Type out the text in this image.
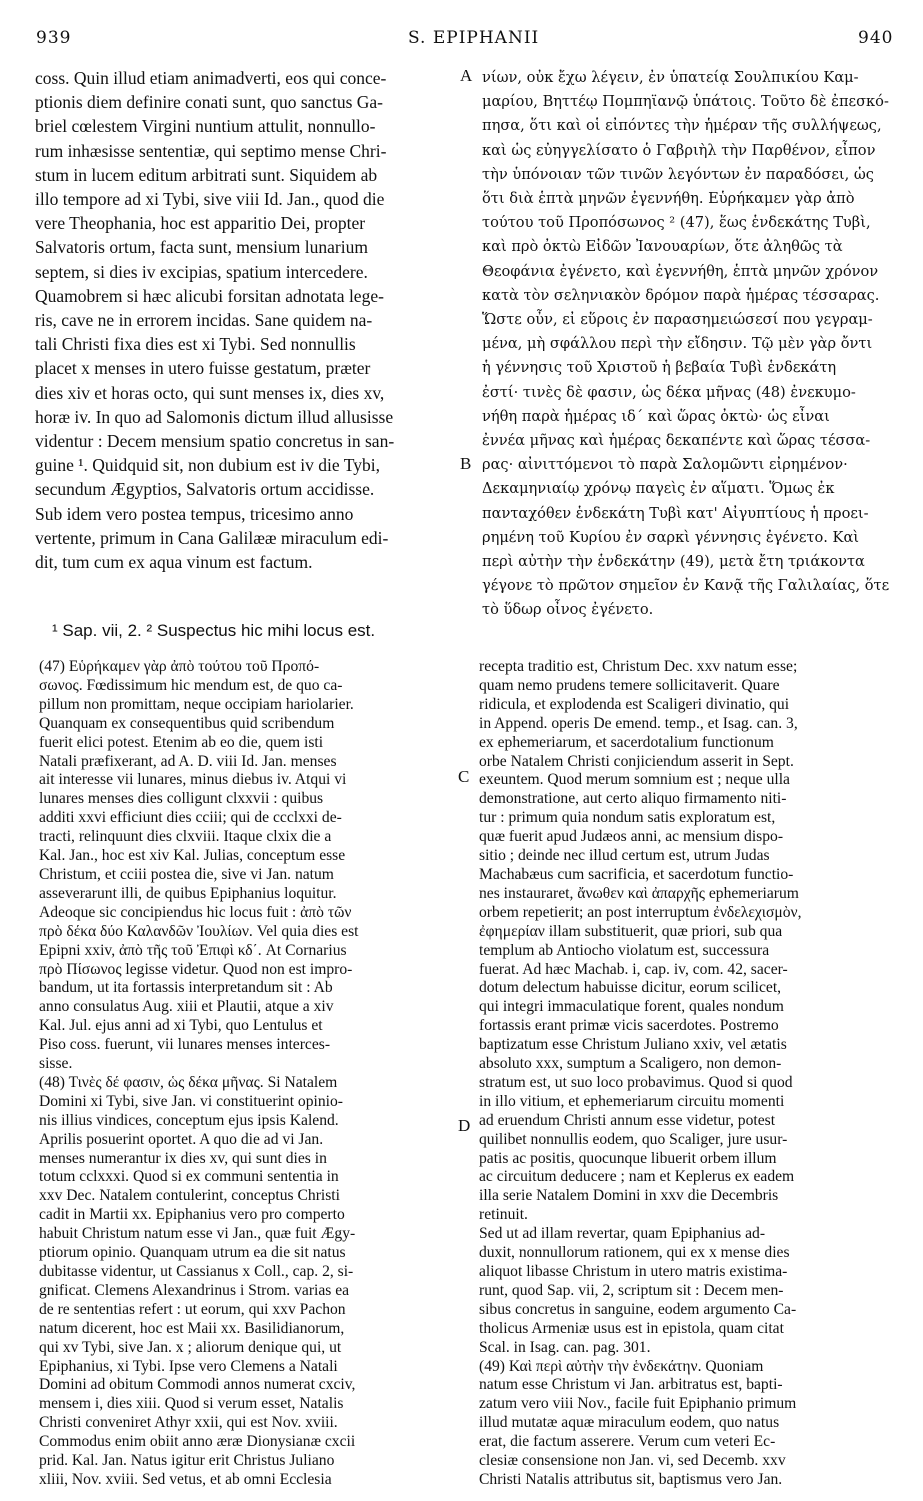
939	S. EPIPHANII	940
coss. Quin illud etiam animadverti, eos qui conce-
ptionis diem definire conati sunt, quo sanctus Ga-
briel cœlestem Virgini nuntium attulit, nonnullo-
rum inhæsisse sententiæ, qui septimo mense Chri-
stum in lucem editum arbitrati sunt. Siquidem ab
illo tempore ad xi Tybi, sive viii Id. Jan., quod die
vere Theophania, hoc est apparitio Dei, propter
Salvatoris ortum, facta sunt, mensium lunarium
septem, si dies iv excipias, spatium intercedere.
Quamobrem si hæc alicubi forsitan adnotata lege-
ris, cave ne in errorem incidas. Sane quidem na-
tali Christi fixa dies est xi Tybi. Sed nonnullis
placet x menses in utero fuisse gestatum, præter
dies xiv et horas octo, qui sunt menses ix, dies xv,
horæ iv. In quo ad Salomonis dictum illud allusisse
videntur : Decem mensium spatio concretus in san-
guine ¹. Quidquid sit, non dubium est iv die Tybi,
secundum Ægyptios, Salvatoris ortum accidisse.
Sub idem vero postea tempus, tricesimo anno
vertente, primum in Cana Galilææ miraculum edi-
dit, tum cum ex aqua vinum est factum.
νίων, οὐκ ἔχω λέγειν, ἐν ὑπατείᾳ Σουλπικίου Καμ-
μαρίου, Βηττέῳ Πομπηϊανῷ ὑπάτοις. Τοῦτο δὲ ἐπεσκό-
πησα, ὅτι καὶ οἱ εἰπόντες τὴν ἡμέραν τῆς συλλήψεως,
καὶ ὡς εὐηγγελίσατο ὁ Γαβριὴλ τὴν Παρθένον, εἶπον
τὴν ὑπόνοιαν τῶν τινῶν λεγόντων ἐν παραδόσει, ὡς
ὅτι διὰ ἑπτὰ μηνῶν ἐγεννήθη. Εὑρήκαμεν γὰρ ἀπὸ
τούτου τοῦ Προπόσωνος ² (47), ἕως ἑνδεκάτης Τυβὶ,
καὶ πρὸ ὀκτὼ Εἰδῶν Ἰανουαρίων, ὅτε ἀληθῶς τὰ
Θεοφάνια ἐγένετο, καὶ ἐγεννήθη, ἑπτὰ μηνῶν χρόνον
κατὰ τὸν σεληνιακὸν δρόμον παρὰ ἡμέρας τέσσαρας.
Ὥστε οὖν, εἰ εὕροις ἐν παρασημειώσεσί που γεγραμ-
μένα, μὴ σφάλλου περὶ τὴν εἴδησιν. Τῷ μὲν γὰρ ὄντι
ἡ γέννησις τοῦ Χριστοῦ ἡ βεβαία Τυβὶ ἑνδεκάτη
ἐστί· τινὲς δὲ φασιν, ὡς δέκα μῆνας (48) ἐνεκυμο-
νήθη παρὰ ἡμέρας ιδ΄ καὶ ὥρας ὀκτὼ· ὡς εἶναι
ἐννέα μῆνας καὶ ἡμέρας δεκαπέντε καὶ ὥρας τέσσα-
ρας· αἰνιττόμενοι τὸ παρὰ Σαλομῶντι εἰρημένον·
Δεκαμηνιαίῳ χρόνῳ παγεὶς ἐν αἵματι. Ὅμως ἐκ
πανταχόθεν ἑνδεκάτη Τυβὶ κατ' Αἰγυπτίους ἡ προει-
ρημένη τοῦ Κυρίου ἐν σαρκὶ γέννησις ἐγένετο. Καὶ
περὶ αὐτὴν τὴν ἑνδεκάτην (49), μετὰ ἔτη τριάκοντα
γέγονε τὸ πρῶτον σημεῖον ἐν Κανᾷ τῆς Γαλιλαίας, ὅτε
τὸ ὕδωρ οἶνος ἐγένετο.
A
B
C
D
¹ Sap. vii, 2. ² Suspectus hic mihi locus est.
(47) Εὑρήκαμεν γὰρ ἀπὸ τούτου τοῦ Προπό-
σωνος. Fœdissimum hic mendum est, de quo ca-
pillum non promittam, neque occipiam hariolarier.
Quanquam ex consequentibus quid scribendum
fuerit elici potest. Etenim ab eo die, quem isti
Natali præfixerant, ad A. D. viii Id. Jan. menses
ait interesse vii lunares, minus diebus iv. Atqui vi
lunares menses dies colligunt clxxvii : quibus
additi xxvi efficiunt dies cciii; qui de ccclxxi de-
tracti, relinquunt dies clxviii. Itaque clxix die a
Kal. Jan., hoc est xiv Kal. Julias, conceptum esse
Christum, et cciii postea die, sive vi Jan. natum
asseverarunt illi, de quibus Epiphanius loquitur.
Adeoque sic concipiendus hic locus fuit : ἀπὸ τῶν
πρὸ δέκα δύο Καλανδῶν Ἰουλίων. Vel quia dies est
Epipni xxiv, ἀπὸ τῆς τοῦ Ἐπιφὶ κδ΄. At Cornarius
πρὸ Πίσωνος legisse videtur. Quod non est impro-
bandum, ut ita fortassis interpretandum sit : Ab
anno consulatus Aug. xiii et Plautii, atque a xiv
Kal. Jul. ejus anni ad xi Tybi, quo Lentulus et
Piso coss. fuerunt, vii lunares menses interces-
sisse.
(48) Τινὲς δέ φασιν, ὡς δέκα μῆνας. Si Natalem
Domini xi Tybi, sive Jan. vi constituerint opinio-
nis illius vindices, conceptum ejus ipsis Kalend.
Aprilis posuerint oportet. A quo die ad vi Jan.
menses numerantur ix dies xv, qui sunt dies in
totum cclxxxi. Quod si ex communi sententia in
xxv Dec. Natalem contulerint, conceptus Christi
cadit in Martii xx. Epiphanius vero pro comperto
habuit Christum natum esse vi Jan., quæ fuit Ægy-
ptiorum opinio. Quanquam utrum ea die sit natus
dubitasse videntur, ut Cassianus x Coll., cap. 2, si-
gnificat. Clemens Alexandrinus i Strom. varias ea
de re sententias refert : ut eorum, qui xxv Pachon
natum dicerent, hoc est Maii xx. Basilidianorum,
qui xv Tybi, sive Jan. x ; aliorum denique qui, ut
Epiphanius, xi Tybi. Ipse vero Clemens a Natali
Domini ad obitum Commodi annos numerat cxciv,
mensem i, dies xiii. Quod si verum esset, Natalis
Christi conveniret Athyr xxii, qui est Nov. xviii.
Commodus enim obiit anno æræ Dionysianæ cxcii
prid. Kal. Jan. Natus igitur erit Christus Juliano
xliii, Nov. xviii. Sed vetus, et ab omni Ecclesia
recepta traditio est, Christum Dec. xxv natum esse;
quam nemo prudens temere sollicitaverit. Quare
ridicula, et explodenda est Scaligeri divinatio, qui
in Append. operis De emend. temp., et Isag. can. 3,
ex ephemeriarum, et sacerdotalium functionum
orbe Natalem Christi conjiciendum asserit in Sept.
exeuntem. Quod merum somnium est ; neque ulla
demonstratione, aut certo aliquo firmamento niti-
tur : primum quia nondum satis exploratum est,
quæ fuerit apud Judæos anni, ac mensium dispo-
sitio ; deinde nec illud certum est, utrum Judas
Machabæus cum sacrificia, et sacerdotum functio-
nes instauraret, ἄνωθεν καὶ ἀπαρχῆς ephemeriarum
orbem repetierit; an post interruptum ἐνδελεχισμὸν,
ἐφημερίαν illam substituerit, quæ priori, sub qua
templum ab Antiocho violatum est, successura
fuerat. Ad hæc Machab. i, cap. iv, com. 42, sacer-
dotum delectum habuisse dicitur, eorum scilicet,
qui integri immaculatique forent, quales nondum
fortassis erant primæ vicis sacerdotes. Postremo
baptizatum esse Christum Juliano xxiv, vel ætatis
absoluto xxx, sumptum a Scaligero, non demon-
stratum est, ut suo loco probavimus. Quod si quod
in illo vitium, et ephemeriarum circuitu momenti
ad eruendum Christi annum esse videtur, potest
quilibet nonnullis eodem, quo Scaliger, jure usur-
patis ac positis, quocunque libuerit orbem illum
ac circuitum deducere ; nam et Keplerus ex eadem
illa serie Natalem Domini in xxv die Decembris
retinuit.
Sed ut ad illam revertar, quam Epiphanius ad-
duxit, nonnullorum rationem, qui ex x mense dies
aliquot libasse Christum in utero matris existima-
runt, quod Sap. vii, 2, scriptum sit : Decem men-
sibus concretus in sanguine, eodem argumento Ca-
tholicus Armeniæ usus est in epistola, quam citat
Scal. in Isag. can. pag. 301.
(49) Καὶ περὶ αὐτὴν τὴν ἑνδεκάτην. Quoniam
natum esse Christum vi Jan. arbitratus est, bapti-
zatum vero viii Nov., facile fuit Epiphanio primum
illud mutatæ aquæ miraculum eodem, quo natus
erat, die factum asserere. Verum cum veteri Ec-
clesiæ consensione non Jan. vi, sed Decemb. xxv
Christi Natalis attributus sit, baptismus vero Jan.
